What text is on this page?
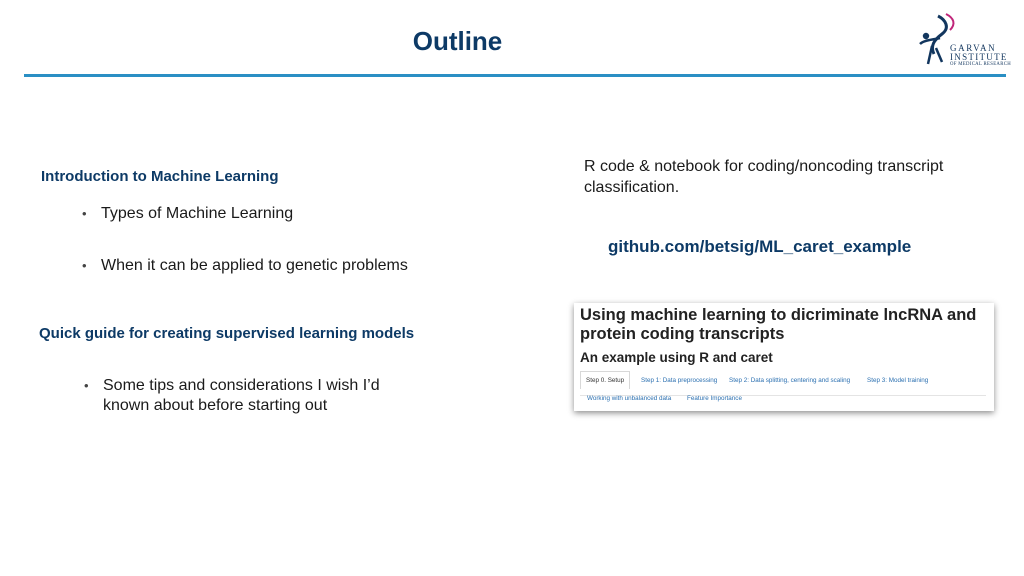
Outline	GARVAN
INSTITUTE
OF MEDICAL RESEARCH
Introduction to Machine Learning
• Types of Machine Learning
• When it can be applied to genetic problems
Quick guide for creating supervised learning models
• Some tips and considerations I wish I’d
known about before starting out
R code & notebook for coding/noncoding transcript
classification.
github.com/betsig/ML_caret_example
Using machine learning to dicriminate lncRNA and
protein coding transcripts
An example using R and caret
Step 0. Setup	Step 1: Data preprocessing Step 2: Data splitting, centering and scaling	Step 3: Model training
Working with unbalanced data	Feature Importance
